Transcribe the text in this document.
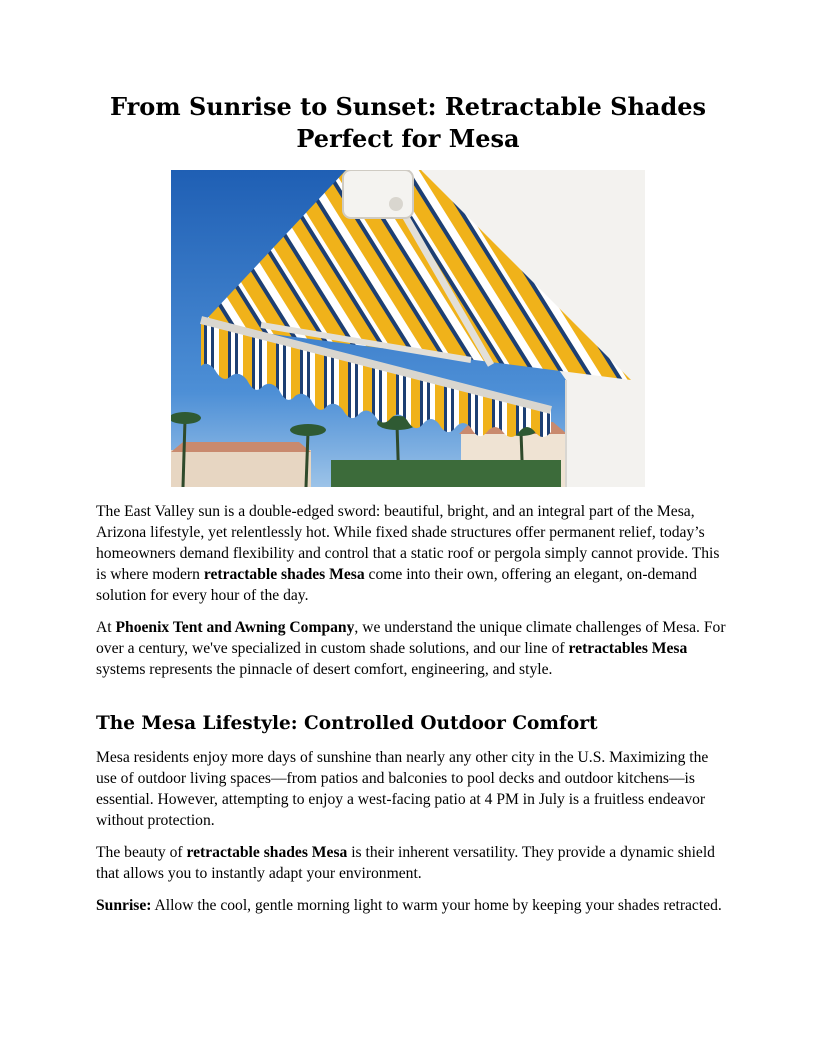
From Sunrise to Sunset: Retractable Shades
Perfect for Mesa

The East Valley sun is a double-edged sword: beautiful, bright, and an integral part of the Mesa, Arizona lifestyle, yet relentlessly hot. While fixed shade structures offer permanent relief, today’s homeowners demand flexibility and control that a static roof or pergola simply cannot provide. This is where modern retractable shades Mesa come into their own, offering an elegant, on-demand solution for every hour of the day.

At Phoenix Tent and Awning Company, we understand the unique climate challenges of Mesa. For over a century, we've specialized in custom shade solutions, and our line of retractables Mesa systems represents the pinnacle of desert comfort, engineering, and style.

The Mesa Lifestyle: Controlled Outdoor Comfort

Mesa residents enjoy more days of sunshine than nearly any other city in the U.S. Maximizing the use of outdoor living spaces—from patios and balconies to pool decks and outdoor kitchens—is essential. However, attempting to enjoy a west-facing patio at 4 PM in July is a fruitless endeavor without protection.

The beauty of retractable shades Mesa is their inherent versatility. They provide a dynamic shield that allows you to instantly adapt your environment.

Sunrise: Allow the cool, gentle morning light to warm your home by keeping your shades retracted.
